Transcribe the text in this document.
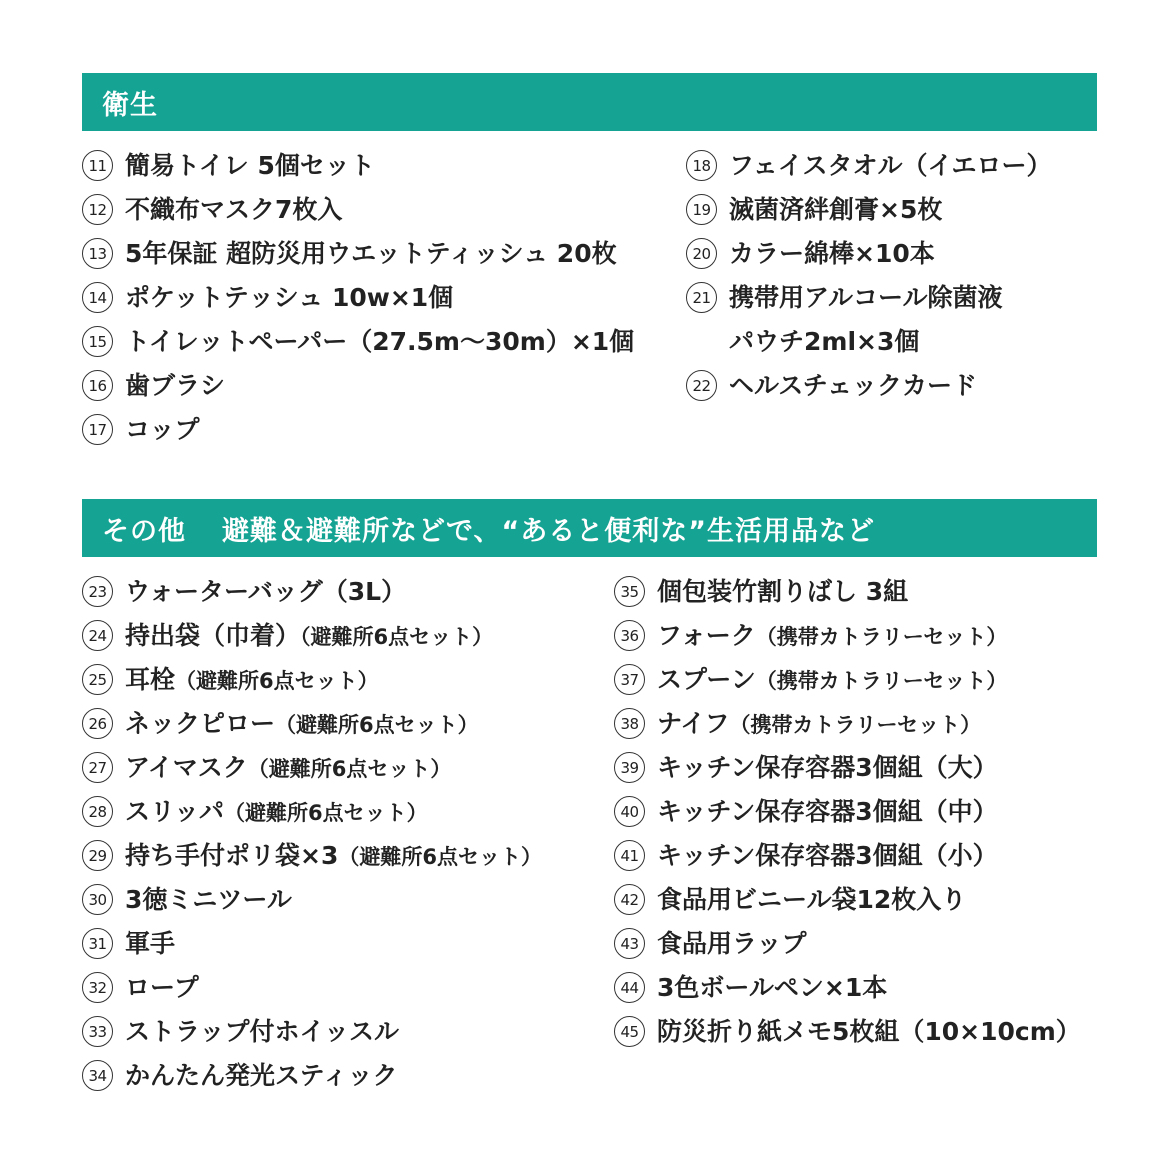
衛生
11 簡易トイレ 5個セット
12 不織布マスク7枚入
13 5年保証 超防災用ウエットティッシュ 20枚
14 ポケットテッシュ 10w×1個
15 トイレットペーパー（27.5m〜30m）×1個
16 歯ブラシ
17 コップ
18 フェイスタオル（イエロー）
19 滅菌済絆創膏×5枚
20 カラー綿棒×10本
21 携帯用アルコール除菌液
パウチ2ml×3個
22 ヘルスチェックカード
その他 避難＆避難所などで、“あると便利な”生活用品など
23 ウォーターバッグ（3L）
24 持出袋（巾着）（避難所6点セット）
25 耳栓（避難所6点セット）
26 ネックピロー（避難所6点セット）
27 アイマスク（避難所6点セット）
28 スリッパ（避難所6点セット）
29 持ち手付ポリ袋×3（避難所6点セット）
30 3徳ミニツール
31 軍手
32 ロープ
33 ストラップ付ホイッスル
34 かんたん発光スティック
35 個包装竹割りばし 3組
36 フォーク（携帯カトラリーセット）
37 スプーン（携帯カトラリーセット）
38 ナイフ（携帯カトラリーセット）
39 キッチン保存容器3個組（大）
40 キッチン保存容器3個組（中）
41 キッチン保存容器3個組（小）
42 食品用ビニール袋12枚入り
43 食品用ラップ
44 3色ボールペン×1本
45 防災折り紙メモ5枚組（10×10cm）
